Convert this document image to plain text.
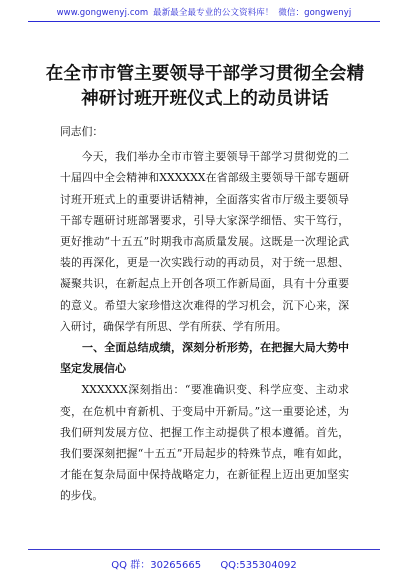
www.gongwenyj.com 最新最全最专业的公文资料库！ 微信：gongwenyj
在全市市管主要领导干部学习贯彻全会精神研讨班开班仪式上的动员讲话

同志们：

今天，我们举办全市市管主要领导干部学习贯彻党的二十届四中全会精神和XXXXXX在省部级主要领导干部专题研讨班开班式上的重要讲话精神，全面落实省市厅级主要领导干部专题研讨班部署要求，引导大家深学细悟、实干笃行，更好推动“十五五”时期我市高质量发展。这既是一次理论武装的再深化，更是一次实践行动的再动员，对于统一思想、凝聚共识，在新起点上开创各项工作新局面，具有十分重要的意义。希望大家珍惜这次难得的学习机会，沉下心来，深入研讨，确保学有所思、学有所获、学有所用。

一、全面总结成绩，深刻分析形势，在把握大局大势中坚定发展信心

XXXXXX深刻指出：“要准确识变、科学应变、主动求变，在危机中育新机、于变局中开新局。”这一重要论述，为我们研判发展方位、把握工作主动提供了根本遵循。首先，我们要深刻把握“十五五”开局起步的特殊节点，唯有如此，才能在复杂局面中保持战略定力，在新征程上迈出更加坚实的步伐。

QQ 群：30265665 QQ:535304092
